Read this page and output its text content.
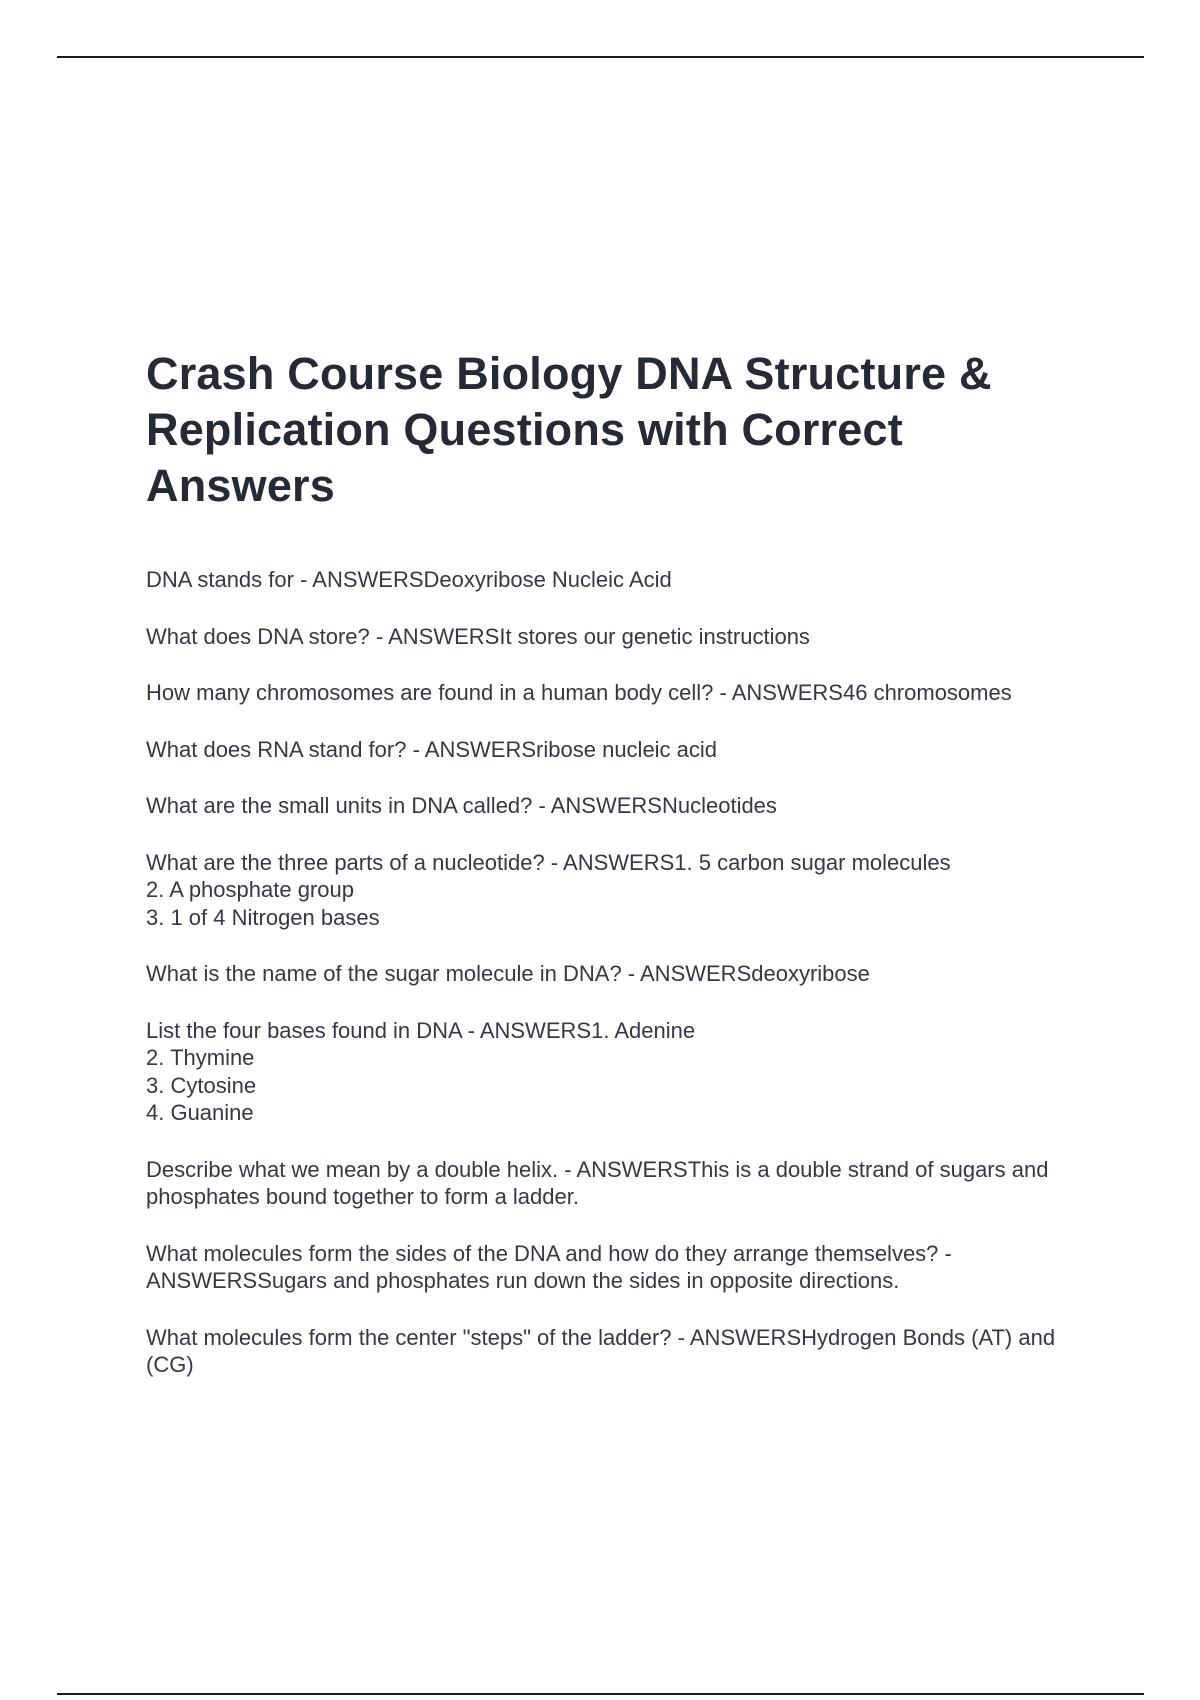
Crash Course Biology DNA Structure & Replication Questions with Correct Answers
DNA stands for - ANSWERSDeoxyribose Nucleic Acid
What does DNA store? - ANSWERSIt stores our genetic instructions
How many chromosomes are found in a human body cell? - ANSWERS46 chromosomes
What does RNA stand for? - ANSWERSribose nucleic acid
What are the small units in DNA called? - ANSWERSNucleotides
What are the three parts of a nucleotide? - ANSWERS1. 5 carbon sugar molecules
2. A phosphate group
3. 1 of 4 Nitrogen bases
What is the name of the sugar molecule in DNA? - ANSWERSdeoxyribose
List the four bases found in DNA - ANSWERS1. Adenine
2. Thymine
3. Cytosine
4. Guanine
Describe what we mean by a double helix. - ANSWERSThis is a double strand of sugars and phosphates bound together to form a ladder.
What molecules form the sides of the DNA and how do they arrange themselves? - ANSWERSSugars and phosphates run down the sides in opposite directions.
What molecules form the center "steps" of the ladder? - ANSWERSHydrogen Bonds (AT) and (CG)
